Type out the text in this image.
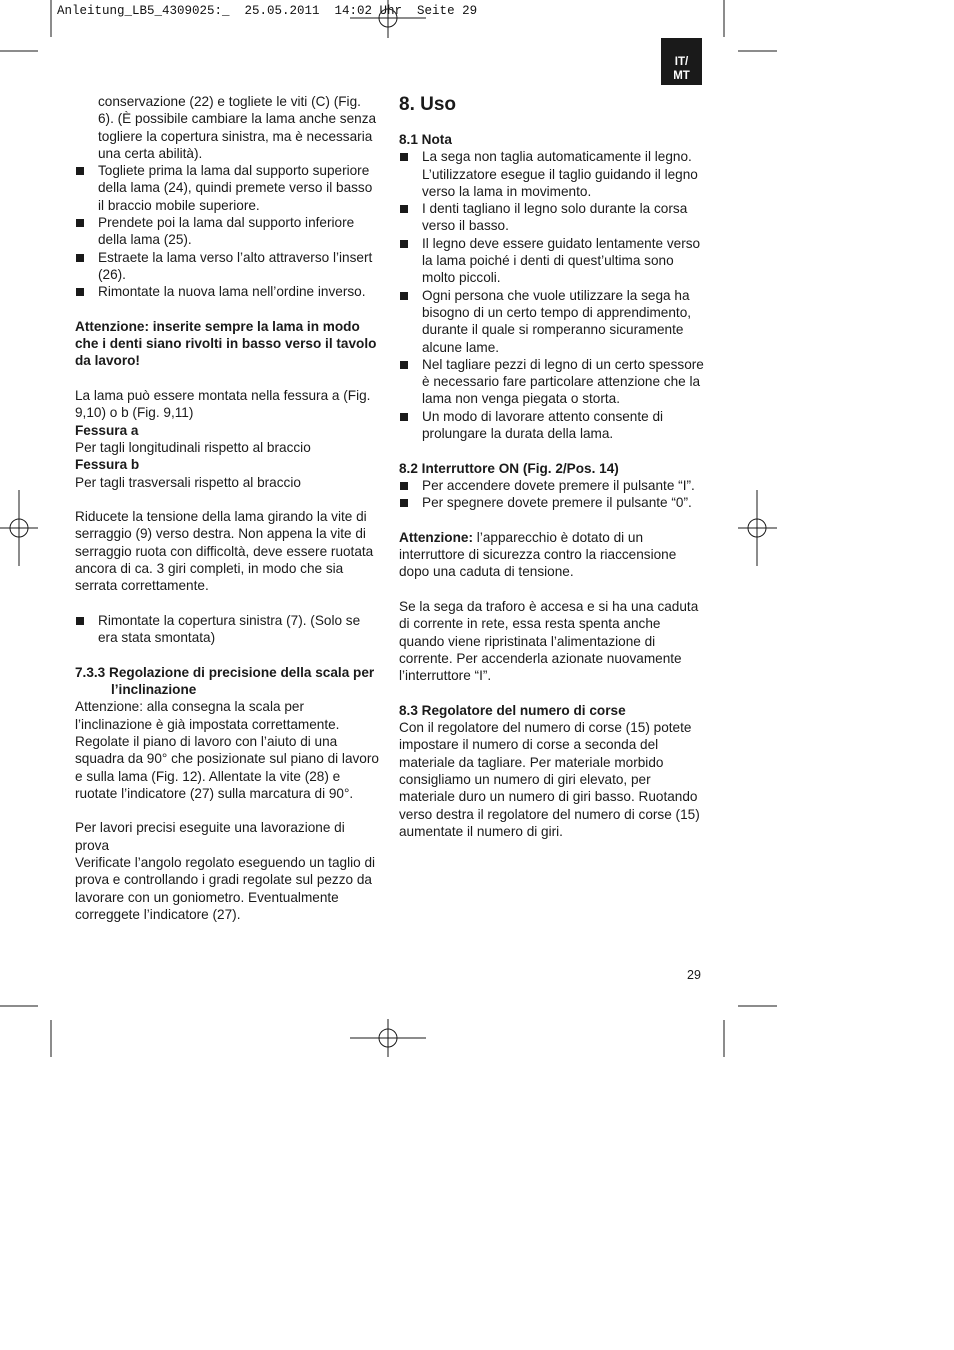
Anleitung_LB5_4309025:_  25.05.2011  14:02 Uhr  Seite 29
IT/
MT

conservazione (22) e togliete le viti (C) (Fig. 6). (È possibile cambiare la lama anche senza togliere la copertura sinistra, ma è necessaria una certa abilità).

Togliete prima la lama dal supporto superiore della lama (24), quindi premete verso il basso il braccio mobile superiore.

Prendete poi la lama dal supporto inferiore della lama (25).

Estraete la lama verso l’alto attraverso l’insert (26).

Rimontate la nuova lama nell’ordine inverso.

Attenzione: inserite sempre la lama in modo che i denti siano rivolti in basso verso il tavolo da lavoro!

La lama può essere montata nella fessura a (Fig. 9,10) o b (Fig. 9,11)

Fessura a

Per tagli longitudinali rispetto al braccio

Fessura b

Per tagli trasversali rispetto al braccio

Riducete la tensione della lama girando la vite di serraggio (9) verso destra. Non appena la vite di serraggio ruota con difficoltà, deve essere ruotata ancora di ca. 3 giri completi, in modo che sia serrata correttamente.

Rimontate la copertura sinistra (7). (Solo se era stata smontata)

7.3.3 Regolazione di precisione della scala per l’inclinazione

Attenzione: alla consegna la scala per l’inclinazione è già impostata correttamente. Regolate il piano di lavoro con l’aiuto di una squadra da 90° che posizionate sul piano di lavoro e sulla lama (Fig. 12). Allentate la vite (28) e ruotate l’indicatore (27) sulla marcatura di 90°.

Per lavori precisi eseguite una lavorazione di prova

Verificate l’angolo regolato eseguendo un taglio di prova e controllando i gradi regolate sul pezzo da lavorare con un goniometro. Eventualmente correggete l’indicatore (27).

8. Uso

8.1 Nota

La sega non taglia automaticamente il legno. L’utilizzatore esegue il taglio guidando il legno verso la lama in movimento.

I denti tagliano il legno solo durante la corsa verso il basso.

Il legno deve essere guidato lentamente verso la lama poiché i denti di quest’ultima sono molto piccoli.

Ogni persona che vuole utilizzare la sega ha bisogno di un certo tempo di apprendimento, durante il quale si romperanno sicuramente alcune lame.

Nel tagliare pezzi di legno di un certo spessore è necessario fare particolare attenzione che la lama non venga piegata o storta.

Un modo di lavorare attento consente di prolungare la durata della lama.

8.2 Interruttore ON (Fig. 2/Pos. 14)

Per accendere dovete premere il pulsante “I”.

Per spegnere dovete premere il pulsante “0”.

Attenzione: l’apparecchio è dotato di un interruttore di sicurezza contro la riaccensione dopo una caduta di tensione.

Se la sega da traforo è accesa e si ha una caduta di corrente in rete, essa resta spenta anche quando viene ripristinata l’alimentazione di corrente. Per accenderla azionate nuovamente l’interruttore “I”.

8.3 Regolatore del numero di corse

Con il regolatore del numero di corse (15) potete impostare il numero di corse a seconda del materiale da tagliare. Per materiale morbido consigliamo un numero di giri elevato, per materiale duro un numero di giri basso. Ruotando verso destra il regolatore del numero di corse (15) aumentate il numero di giri.

29
